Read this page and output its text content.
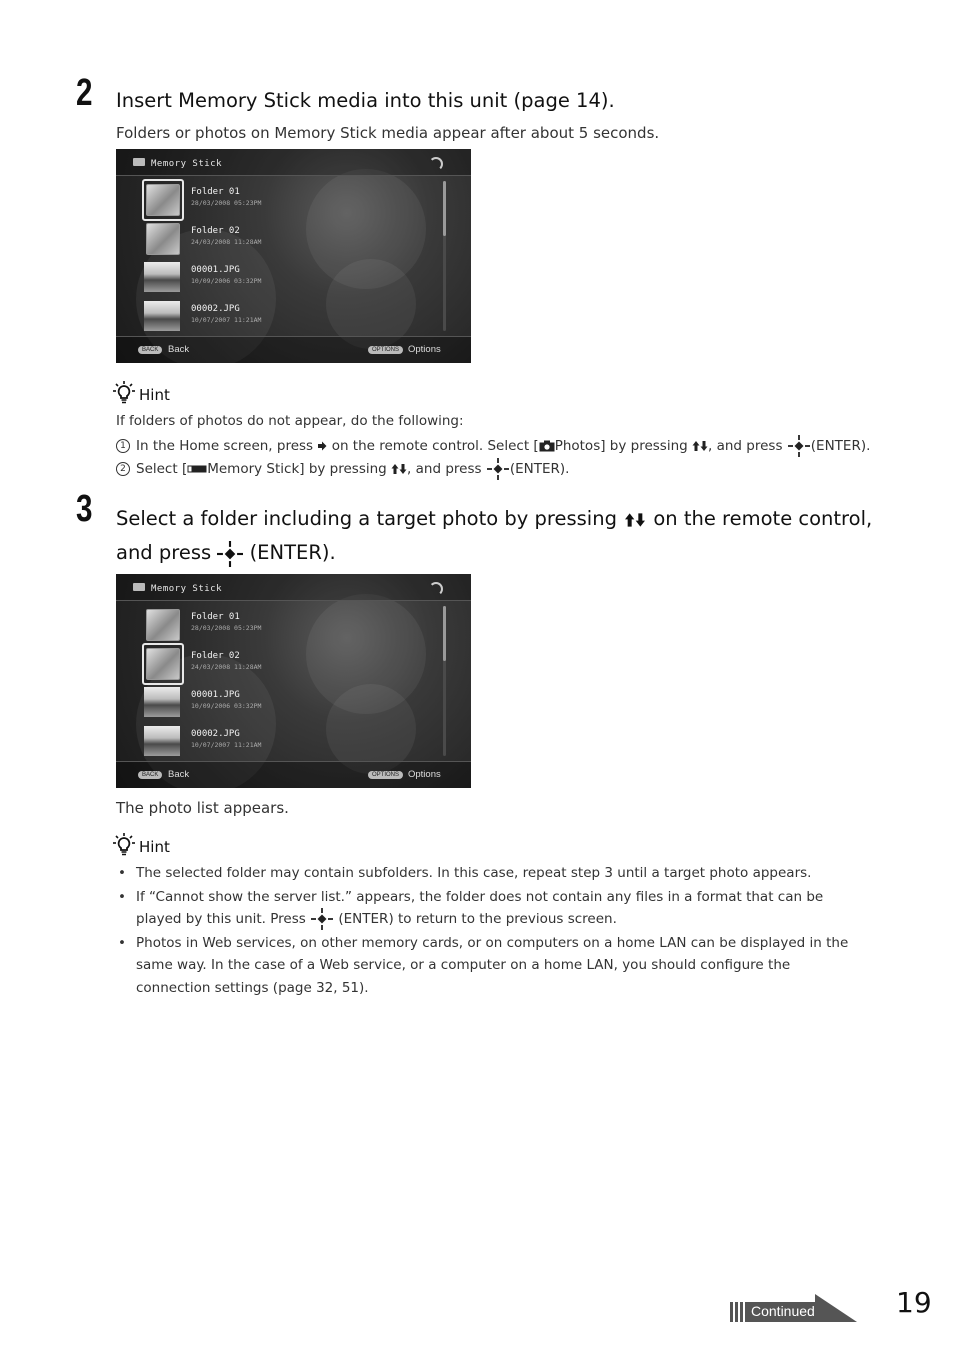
2 Insert Memory Stick media into this unit (page 14).
Folders or photos on Memory Stick media appear after about 5 seconds.
Memory Stick
Folder 01
28/03/2008 05:23PM
Folder 02
24/03/2008 11:28AM
00001.JPG
10/09/2006 03:32PM
00002.JPG
10/07/2007 11:21AM
BACK	Back	OPTIONS Options
Hint
If folders of photos do not appear, do the following:
1 In the Home screen, press on the remote control. Select [ Photos] by pressing , and press (ENTER).
2 Select [ Memory Stick] by pressing , and press (ENTER).
3 Select a folder including a target photo by pressing on the remote control,
and press (ENTER).
Memory Stick
Folder 01
28/03/2008 05:23PM
Folder 02
24/03/2008 11:28AM
00001.JPG
10/09/2006 03:32PM
00002.JPG
10/07/2007 11:21AM
BACK	Back	OPTIONS Options
The photo list appears.
Hint
• The selected folder may contain subfolders. In this case, repeat step 3 until a target photo appears.
• If “Cannot show the server list.” appears, the folder does not contain any files in a format that can be played by this unit. Press (ENTER) to return to the previous screen.
• Photos in Web services, on other memory cards, or on computers on a home LAN can be displayed in the same way. In the case of a Web service, or a computer on a home LAN, you should configure the connection settings (page 32, 51).
Continued	19
